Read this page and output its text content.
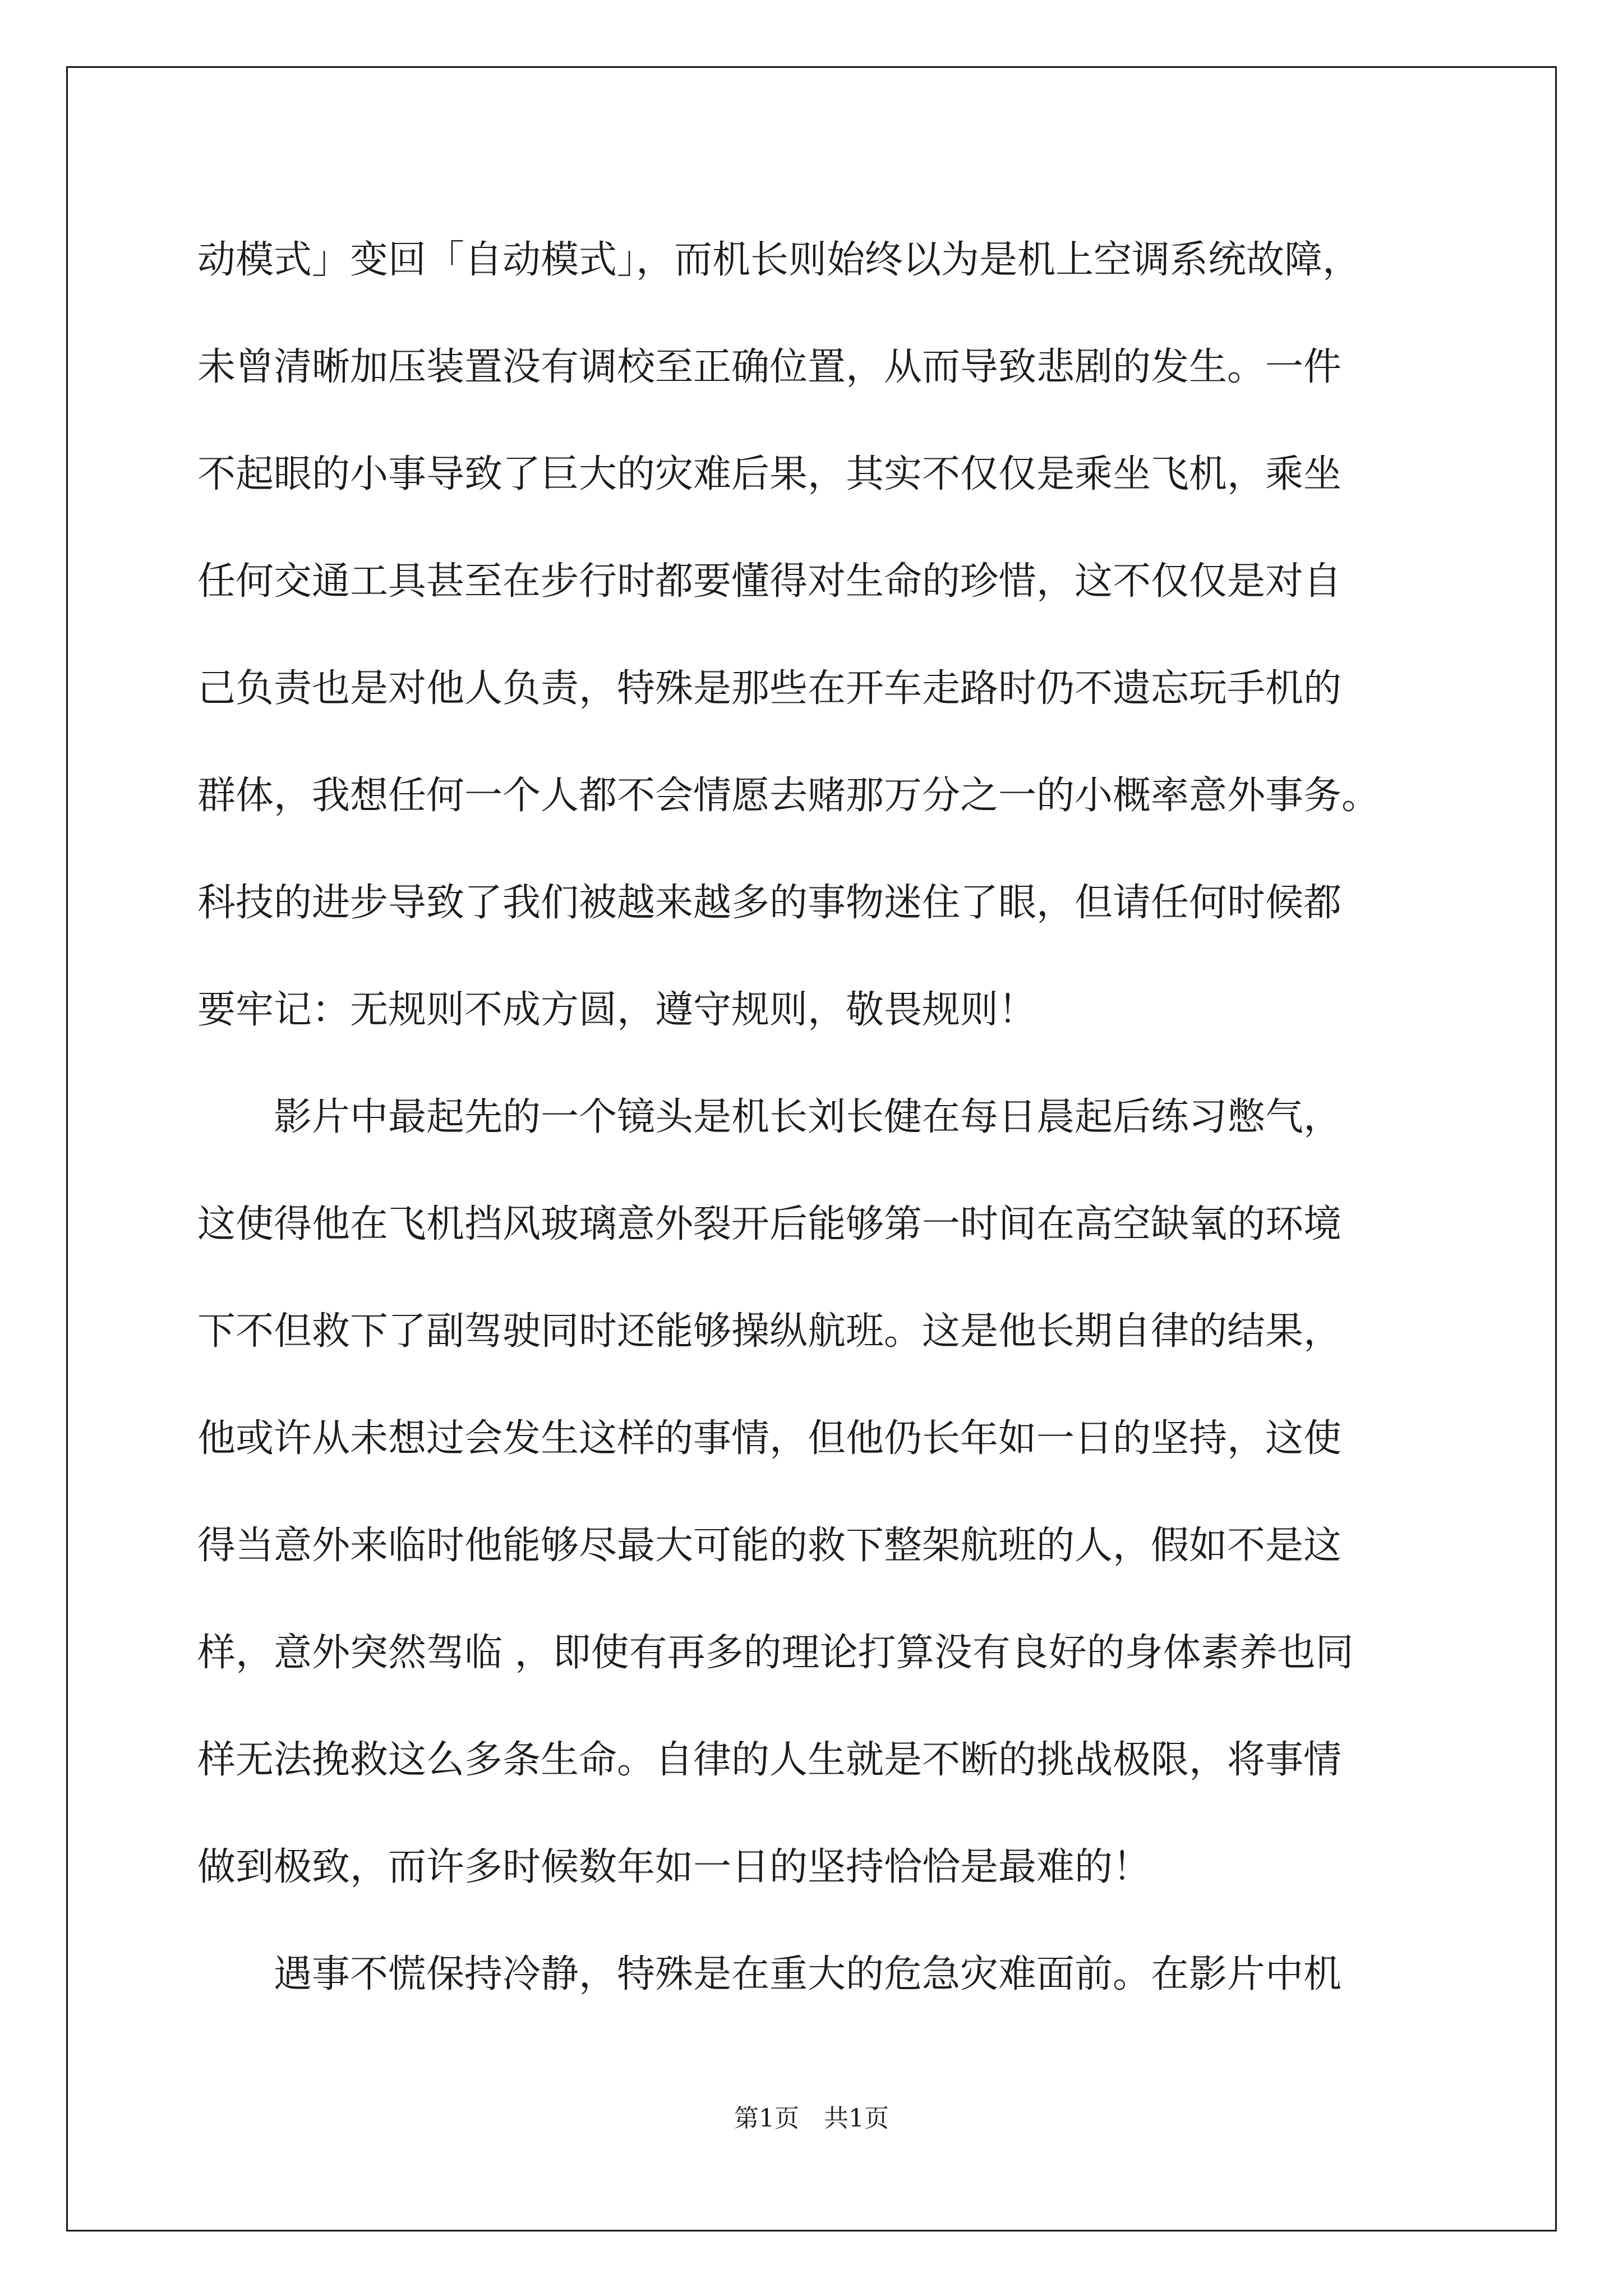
动模式」变回「自动模式」，而机长则始终以为是机上空调系统故障，
未曾清晰加压装置没有调校至正确位置，从而导致悲剧的发生。一件
不起眼的小事导致了巨大的灾难后果，其实不仅仅是乘坐飞机，乘坐
任何交通工具甚至在步行时都要懂得对生命的珍惜，这不仅仅是对自
己负责也是对他人负责，特殊是那些在开车走路时仍不遗忘玩手机的
群体，我想任何一个人都不会情愿去赌那万分之一的小概率意外事务。
科技的进步导致了我们被越来越多的事物迷住了眼，但请任何时候都
要牢记：无规则不成方圆，遵守规则，敬畏规则！
影片中最起先的一个镜头是机长刘长健在每日晨起后练习憋气，
这使得他在飞机挡风玻璃意外裂开后能够第一时间在高空缺氧的环境
下不但救下了副驾驶同时还能够操纵航班。这是他长期自律的结果，
他或许从未想过会发生这样的事情，但他仍长年如一日的坚持，这使
得当意外来临时他能够尽最大可能的救下整架航班的人，假如不是这
样，意外突然驾临 ，即使有再多的理论打算没有良好的身体素养也同
样无法挽救这么多条生命。自律的人生就是不断的挑战极限，将事情
做到极致，而许多时候数年如一日的坚持恰恰是最难的！
遇事不慌保持冷静，特殊是在重大的危急灾难面前。在影片中机
第1页　共1页
